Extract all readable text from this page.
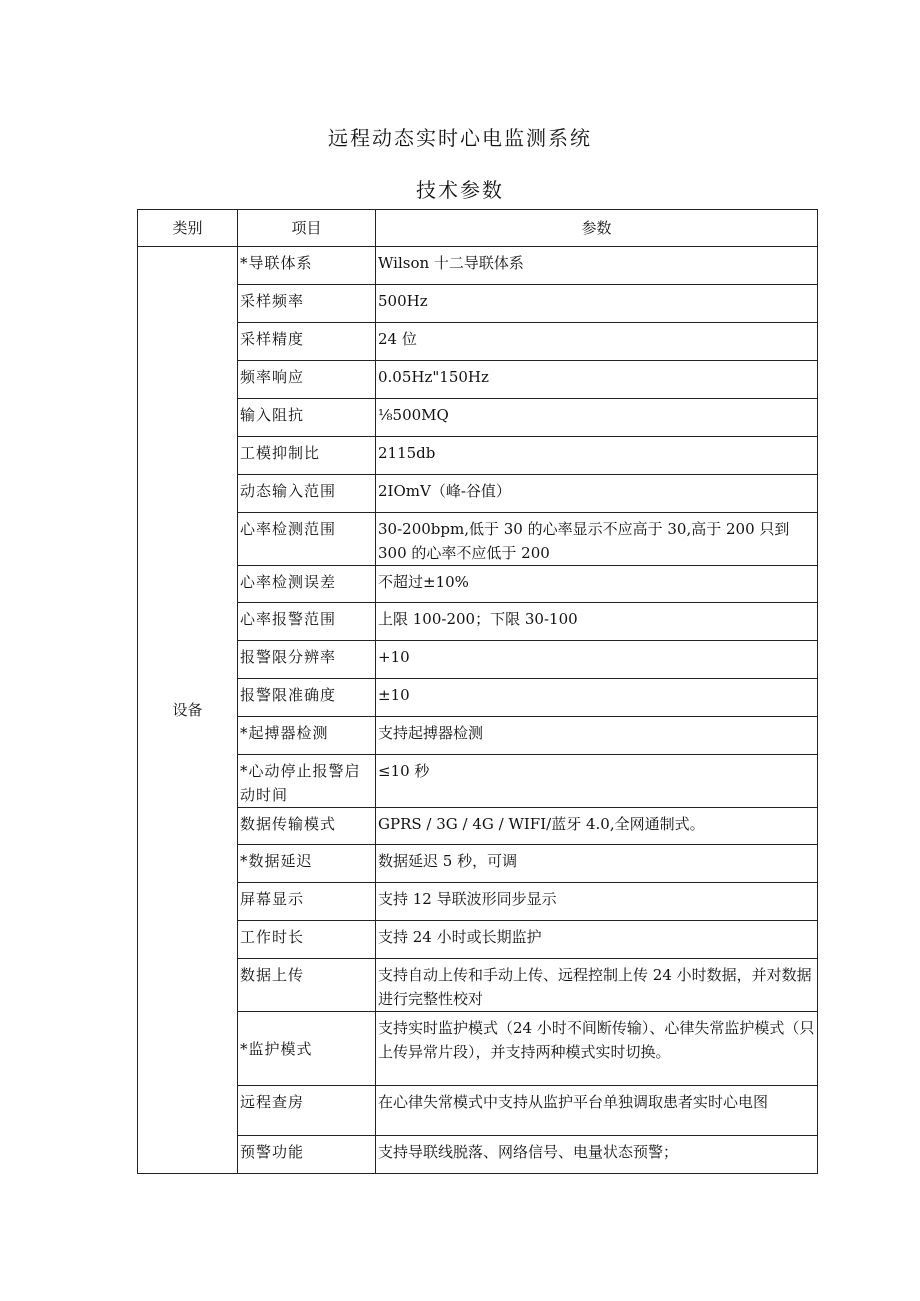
远程动态实时心电监测系统
技术参数
类别	项目	参数
设备	*导联体系	Wilson 十二导联体系
	采样频率	500Hz
	采样精度	24 位
	频率响应	0.05Hz"150Hz
	输入阻抗	⅛500MQ
	工模抑制比	2115db
	动态输入范围	2IOmV（峰-谷值）
	心率检测范围	30-200bpm,低于 30 的心率显示不应高于 30,高于 200 只到 300 的心率不应低于 200
	心率检测误差	不超过±10%
	心率报警范围	上限 100-200；下限 30-100
	报警限分辨率	+10
	报警限准确度	±10
	*起搏器检测	支持起搏器检测
	*心动停止报警启动时间	≤10 秒
	数据传输模式	GPRS / 3G / 4G / WIFI/蓝牙 4.0,全网通制式。
	*数据延迟	数据延迟 5 秒，可调
	屏幕显示	支持 12 导联波形同步显示
	工作时长	支持 24 小时或长期监护
	数据上传	支持自动上传和手动上传、远程控制上传 24 小时数据，并对数据进行完整性校对
	*监护模式	支持实时监护模式（24 小时不间断传输）、心律失常监护模式（只上传异常片段），并支持两种模式实时切换。
	远程查房	在心律失常模式中支持从监护平台单独调取患者实时心电图
	预警功能	支持导联线脱落、网络信号、电量状态预警；
